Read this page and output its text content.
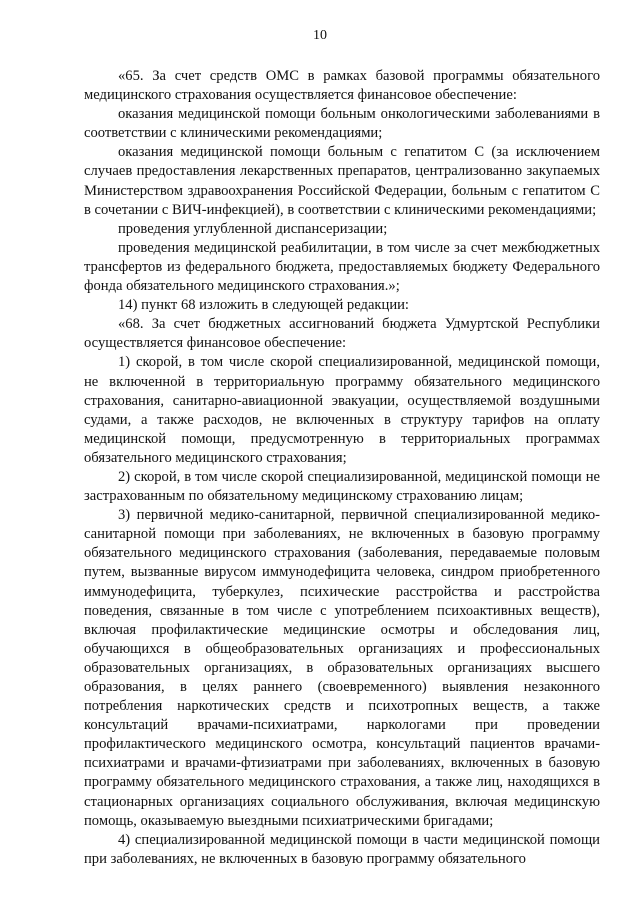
10

«65. За счет средств ОМС в рамках базовой программы обязательного медицинского страхования осуществляется финансовое обеспечение:

оказания медицинской помощи больным онкологическими заболеваниями в соответствии с клиническими рекомендациями;

оказания медицинской помощи больным с гепатитом С (за исключением случаев предоставления лекарственных препаратов, централизованно закупаемых Министерством здравоохранения Российской Федерации, больным с гепатитом С в сочетании с ВИЧ-инфекцией), в соответствии с клиническими рекомендациями;

проведения углубленной диспансеризации;

проведения медицинской реабилитации, в том числе за счет межбюджетных трансфертов из федерального бюджета, предоставляемых бюджету Федерального фонда обязательного медицинского страхования.»;

14) пункт 68 изложить в следующей редакции:

«68. За счет бюджетных ассигнований бюджета Удмуртской Республики осуществляется финансовое обеспечение:

1) скорой, в том числе скорой специализированной, медицинской помощи, не включенной в территориальную программу обязательного медицинского страхования, санитарно-авиационной эвакуации, осуществляемой воздушными судами, а также расходов, не включенных в структуру тарифов на оплату медицинской помощи, предусмотренную в территориальных программах обязательного медицинского страхования;

2) скорой, в том числе скорой специализированной, медицинской помощи не застрахованным по обязательному медицинскому страхованию лицам;

3) первичной медико-санитарной, первичной специализированной медико-санитарной помощи при заболеваниях, не включенных в базовую программу обязательного медицинского страхования (заболевания, передаваемые половым путем, вызванные вирусом иммунодефицита человека, синдром приобретенного иммунодефицита, туберкулез, психические расстройства и расстройства поведения, связанные в том числе с употреблением психоактивных веществ), включая профилактические медицинские осмотры и обследования лиц, обучающихся в общеобразовательных организациях и профессиональных образовательных организациях, в образовательных организациях высшего образования, в целях раннего (своевременного) выявления незаконного потребления наркотических средств и психотропных веществ, а также консультаций врачами-психиатрами, наркологами при проведении профилактического медицинского осмотра, консультаций пациентов врачами-психиатрами и врачами-фтизиатрами при заболеваниях, включенных в базовую программу обязательного медицинского страхования, а также лиц, находящихся в стационарных организациях социального обслуживания, включая медицинскую помощь, оказываемую выездными психиатрическими бригадами;

4) специализированной медицинской помощи в части медицинской помощи при заболеваниях, не включенных в базовую программу обязательного
